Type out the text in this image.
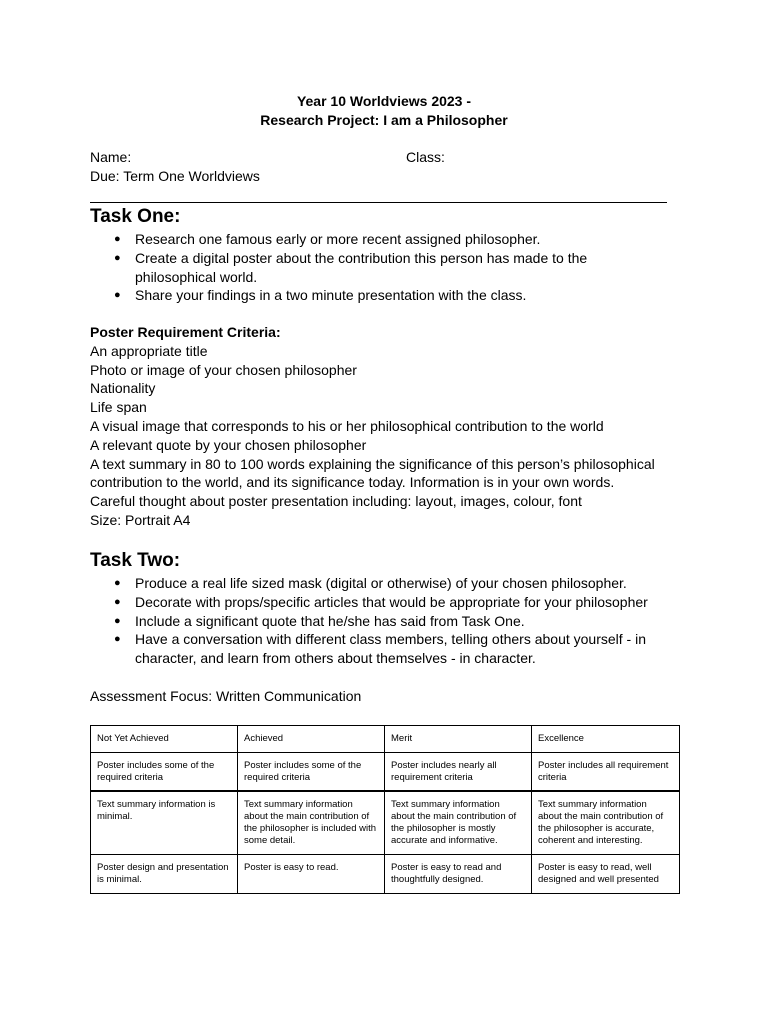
Year 10 Worldviews 2023 -
Research Project: I am a Philosopher
Name:	Class:
Due: Term One Worldviews
Task One:
● Research one famous early or more recent assigned philosopher.
● Create a digital poster about the contribution this person has made to the philosophical world.
● Share your findings in a two minute presentation with the class.
Poster Requirement Criteria:
An appropriate title
Photo or image of your chosen philosopher
Nationality
Life span
A visual image that corresponds to his or her philosophical contribution to the world
A relevant quote by your chosen philosopher
A text summary in 80 to 100 words explaining the significance of this person’s philosophical contribution to the world, and its significance today. Information is in your own words.
Careful thought about poster presentation including: layout, images, colour, font
Size: Portrait A4
Task Two:
● Produce a real life sized mask (digital or otherwise) of your chosen philosopher.
● Decorate with props/specific articles that would be appropriate for your philosopher
● Include a significant quote that he/she has said from Task One.
● Have a conversation with different class members, telling others about yourself - in character, and learn from others about themselves - in character.
Assessment Focus: Written Communication
Not Yet Achieved	Achieved	Merit	Excellence
Poster includes some of the required criteria	Poster includes some of the required criteria	Poster includes nearly all requirement criteria	Poster includes all requirement criteria
Text summary information is minimal.	Text summary information about the main contribution of the philosopher is included with some detail.	Text summary information about the main contribution of the philosopher is mostly accurate and informative.	Text summary information about the main contribution of the philosopher is accurate, coherent and interesting.
Poster design and presentation is minimal.	Poster is easy to read.	Poster is easy to read and thoughtfully designed.	Poster is easy to read, well designed and well presented
